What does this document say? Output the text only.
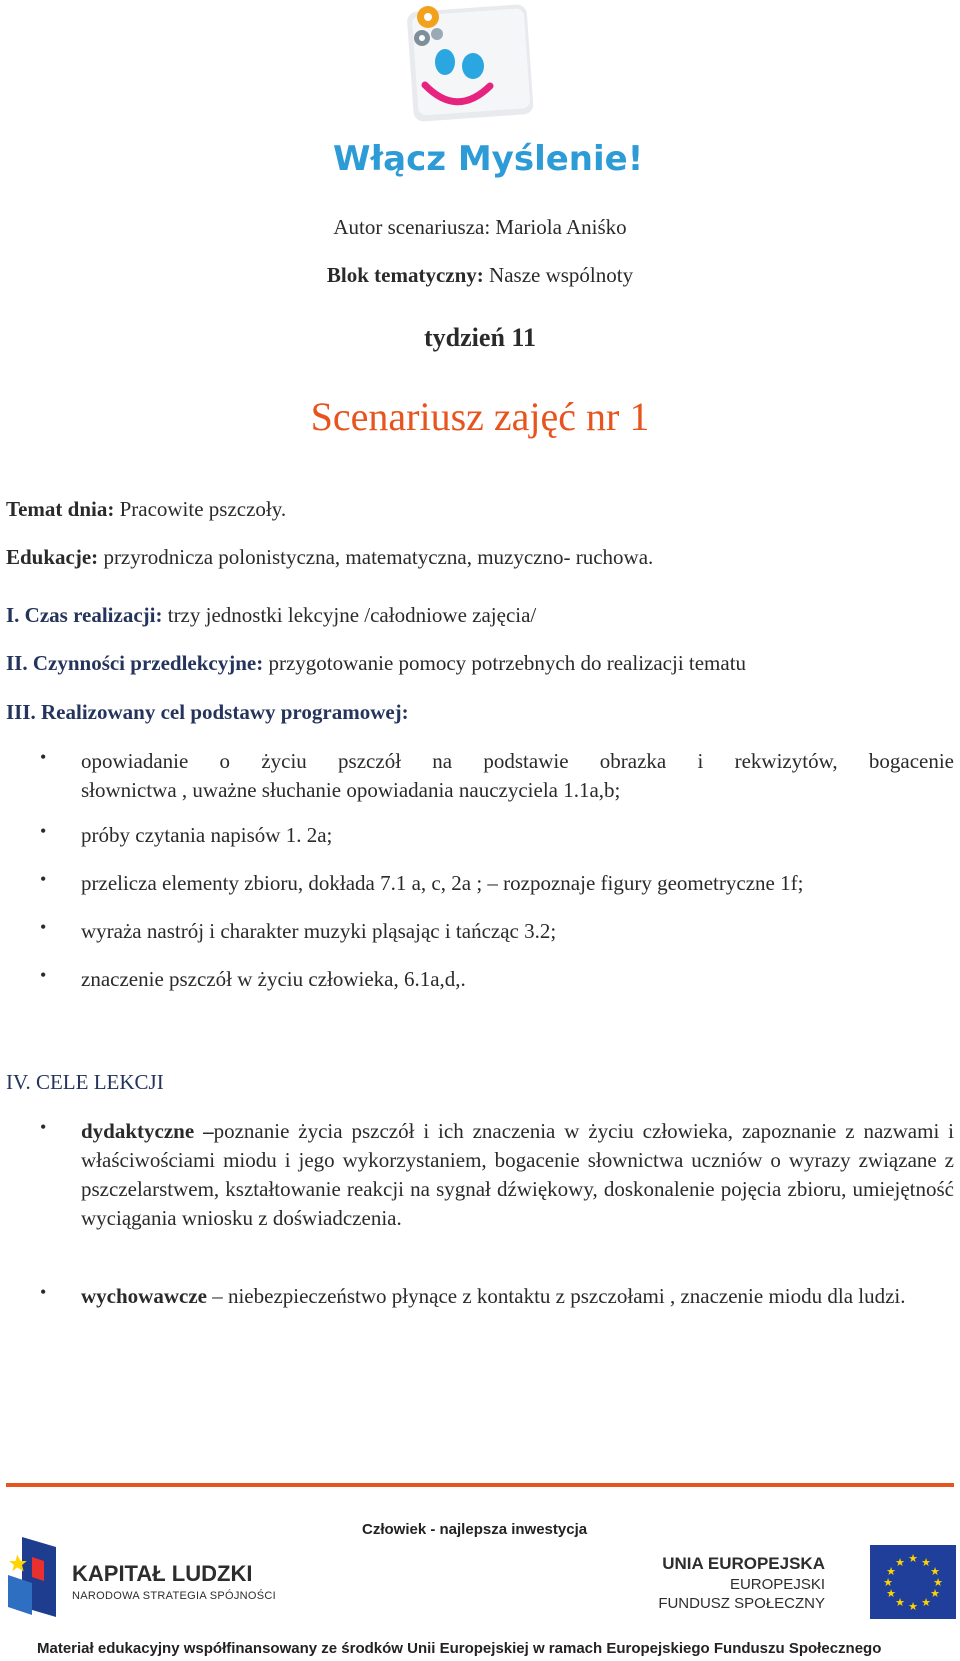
Włącz Myślenie!
Autor scenariusza: Mariola Aniśko
Blok tematyczny: Nasze wspólnoty
tydzień 11
Scenariusz zajęć nr 1
Temat dnia: Pracowite pszczoły.
Edukacje: przyrodnicza polonistyczna, matematyczna, muzyczno- ruchowa.
I. Czas realizacji: trzy jednostki lekcyjne /całodniowe zajęcia/
II. Czynności przedlekcyjne: przygotowanie pomocy potrzebnych do realizacji tematu
III. Realizowany cel podstawy programowej:
• opowiadanie o życiu pszczół na podstawie obrazka i rekwizytów, bogacenie
słownictwa , uważne słuchanie opowiadania nauczyciela 1.1a,b;
• próby czytania napisów 1. 2a;
• przelicza elementy zbioru, dokłada 7.1 a, c, 2a ; – rozpoznaje figury geometryczne 1f;
• wyraża nastrój i charakter muzyki pląsając i tańcząc 3.2;
• znaczenie pszczół w życiu człowieka, 6.1a,d,.
IV. CELE LEKCJI
• dydaktyczne –poznanie życia pszczół i ich znaczenia w życiu człowieka, zapoznanie z nazwami i właściwościami miodu i jego wykorzystaniem, bogacenie słownictwa uczniów o wyrazy związane z pszczelarstwem, kształtowanie reakcji na sygnał dźwiękowy, doskonalenie pojęcia zbioru, umiejętność wyciągania wniosku z doświadczenia.
• wychowawcze – niebezpieczeństwo płynące z kontaktu z pszczołami , znaczenie miodu dla ludzi.
Człowiek - najlepsza inwestycja
KAPITAŁ LUDZKI
NARODOWA STRATEGIA SPÓJNOŚCI
UNIA EUROPEJSKA
EUROPEJSKI
FUNDUSZ SPOŁECZNY
★ ★
★
★
★
★
★
★
★
★
★
★
Materiał edukacyjny współfinansowany ze środków Unii Europejskiej w ramach Europejskiego Funduszu Społecznego
